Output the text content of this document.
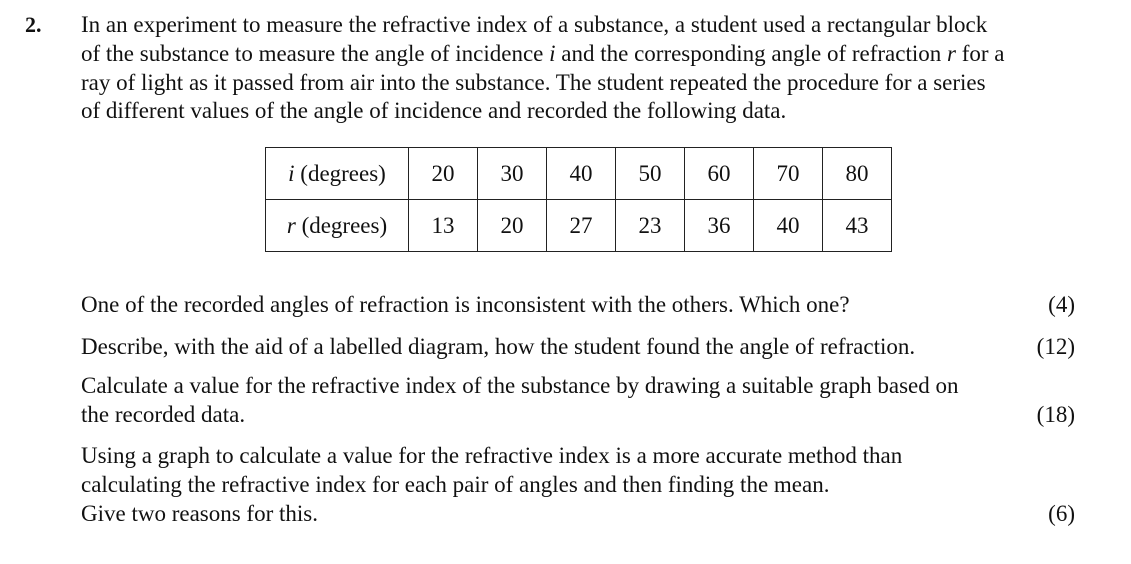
2. In an experiment to measure the refractive index of a substance, a student used a rectangular block
of the substance to measure the angle of incidence i and the corresponding angle of refraction r for a
ray of light as it passed from air into the substance. The student repeated the procedure for a series
of different values of the angle of incidence and recorded the following data.
i (degrees)	20	30	40	50	60	70	80
r (degrees)	13	20	27	23	36	40	43
One of the recorded angles of refraction is inconsistent with the others. Which one?	(4)
Describe, with the aid of a labelled diagram, how the student found the angle of refraction.	(12)
Calculate a value for the refractive index of the substance by drawing a suitable graph based on
the recorded data.	(18)
Using a graph to calculate a value for the refractive index is a more accurate method than
calculating the refractive index for each pair of angles and then finding the mean.
Give two reasons for this.	(6)
